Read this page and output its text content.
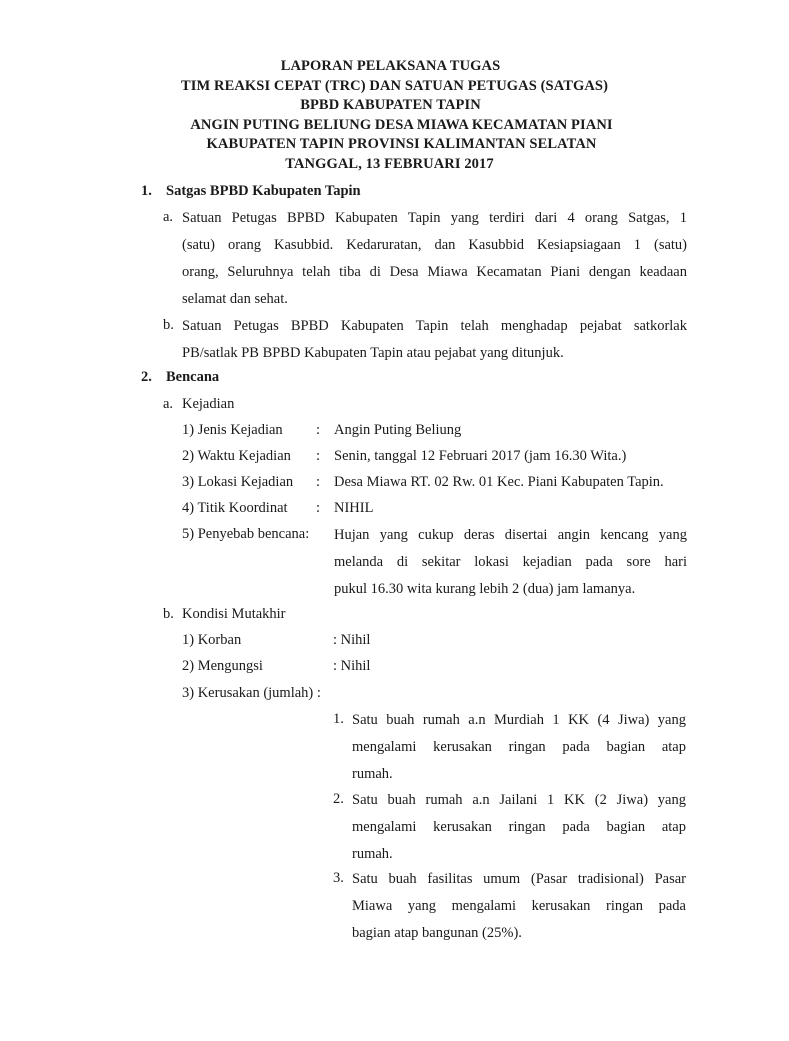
LAPORAN PELAKSANA TUGAS
TIM REAKSI CEPAT (TRC) DAN SATUAN PETUGAS (SATGAS)
BPBD KABUPATEN TAPIN
ANGIN PUTING BELIUNG DESA MIAWA KECAMATAN PIANI
KABUPATEN TAPIN PROVINSI KALIMANTAN SELATAN
TANGGAL, 13 FEBRUARI 2017
1. Satgas BPBD Kabupaten Tapin
a. Satuan Petugas BPBD Kabupaten Tapin yang terdiri dari 4 orang Satgas, 1
(satu) orang Kasubbid. Kedaruratan, dan Kasubbid Kesiapsiagaan 1 (satu)
orang, Seluruhnya telah tiba di Desa Miawa Kecamatan Piani dengan keadaan
selamat dan sehat.
b. Satuan Petugas BPBD Kabupaten Tapin telah menghadap pejabat satkorlak
PB/satlak PB BPBD Kabupaten Tapin atau pejabat yang ditunjuk.
2. Bencana
a. Kejadian
1) Jenis Kejadian : Angin Puting Beliung
2) Waktu Kejadian : Senin, tanggal 12 Februari 2017 (jam 16.30 Wita.)
3) Lokasi Kejadian : Desa Miawa RT. 02 Rw. 01 Kec. Piani Kabupaten Tapin.
4) Titik Koordinat : NIHIL
5) Penyebab bencana: Hujan yang cukup deras disertai angin kencang yang
melanda di sekitar lokasi kejadian pada sore hari
pukul 16.30 wita kurang lebih 2 (dua) jam lamanya.
b. Kondisi Mutakhir
1) Korban	: Nihil
2) Mengungsi	: Nihil
3) Kerusakan (jumlah) :
1. Satu buah rumah a.n Murdiah 1 KK (4 Jiwa) yang
mengalami kerusakan ringan pada bagian atap
rumah.
2. Satu buah rumah a.n Jailani 1 KK (2 Jiwa) yang
mengalami kerusakan ringan pada bagian atap
rumah.
3. Satu buah fasilitas umum (Pasar tradisional) Pasar
Miawa yang mengalami kerusakan ringan pada
bagian atap bangunan (25%).
